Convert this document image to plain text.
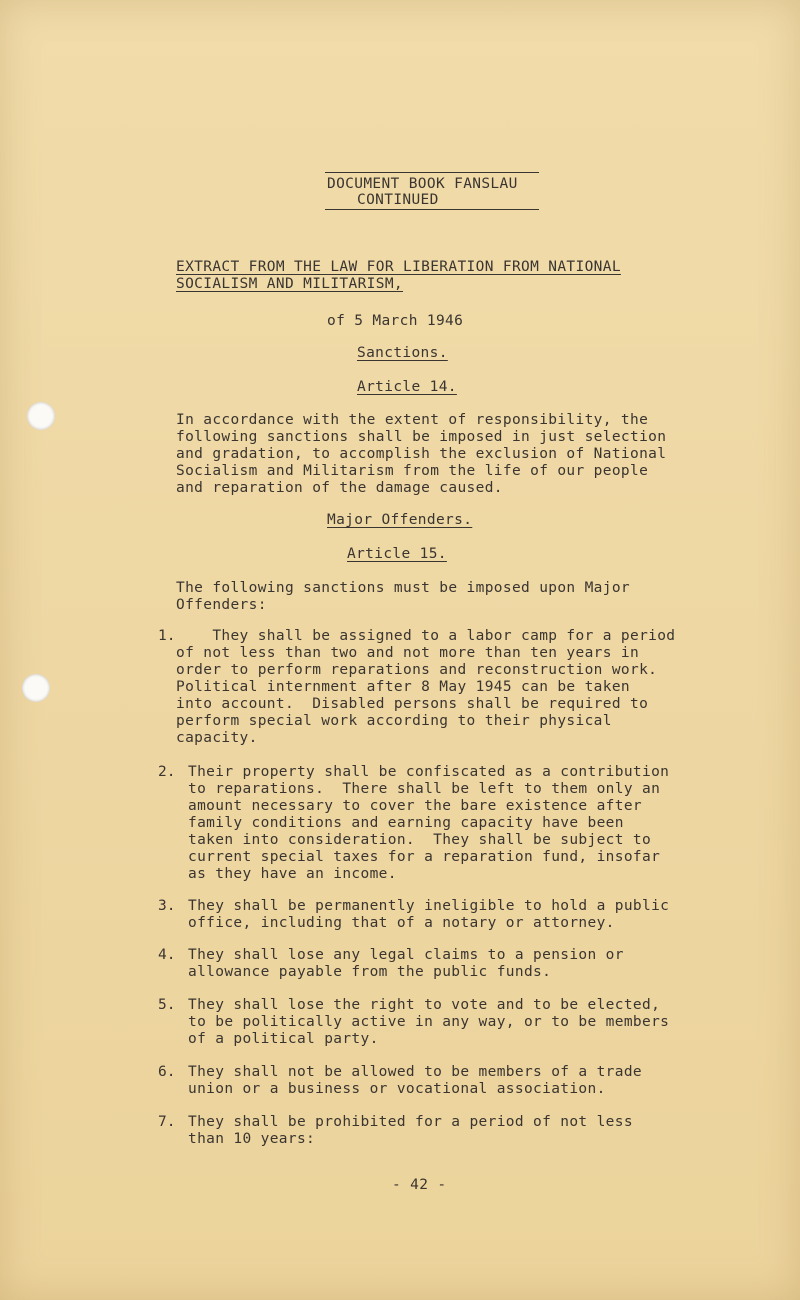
DOCUMENT BOOK FANSLAU
CONTINUED
EXTRACT FROM THE LAW FOR LIBERATION FROM NATIONAL
SOCIALISM AND MILITARISM,
of 5 March 1946
Sanctions.
Article 14.
In accordance with the extent of responsibility, the
following sanctions shall be imposed in just selection
and gradation, to accomplish the exclusion of National
Socialism and Militarism from the life of our people
and reparation of the damage caused.
Major Offenders.
Article 15.
The following sanctions must be imposed upon Major
Offenders:
1. They shall be assigned to a labor camp for a period
of not less than two and not more than ten years in
order to perform reparations and reconstruction work.
Political internment after 8 May 1945 can be taken
into account.  Disabled persons shall be required to
perform special work according to their physical
capacity.
2. Their property shall be confiscated as a contribution
to reparations.  There shall be left to them only an
amount necessary to cover the bare existence after
family conditions and earning capacity have been
taken into consideration.  They shall be subject to
current special taxes for a reparation fund, insofar
as they have an income.
3. They shall be permanently ineligible to hold a public
office, including that of a notary or attorney.
4. They shall lose any legal claims to a pension or
allowance payable from the public funds.
5. They shall lose the right to vote and to be elected,
to be politically active in any way, or to be members
of a political party.
6. They shall not be allowed to be members of a trade
union or a business or vocational association.
7. They shall be prohibited for a period of not less
than 10 years:
- 42 -
